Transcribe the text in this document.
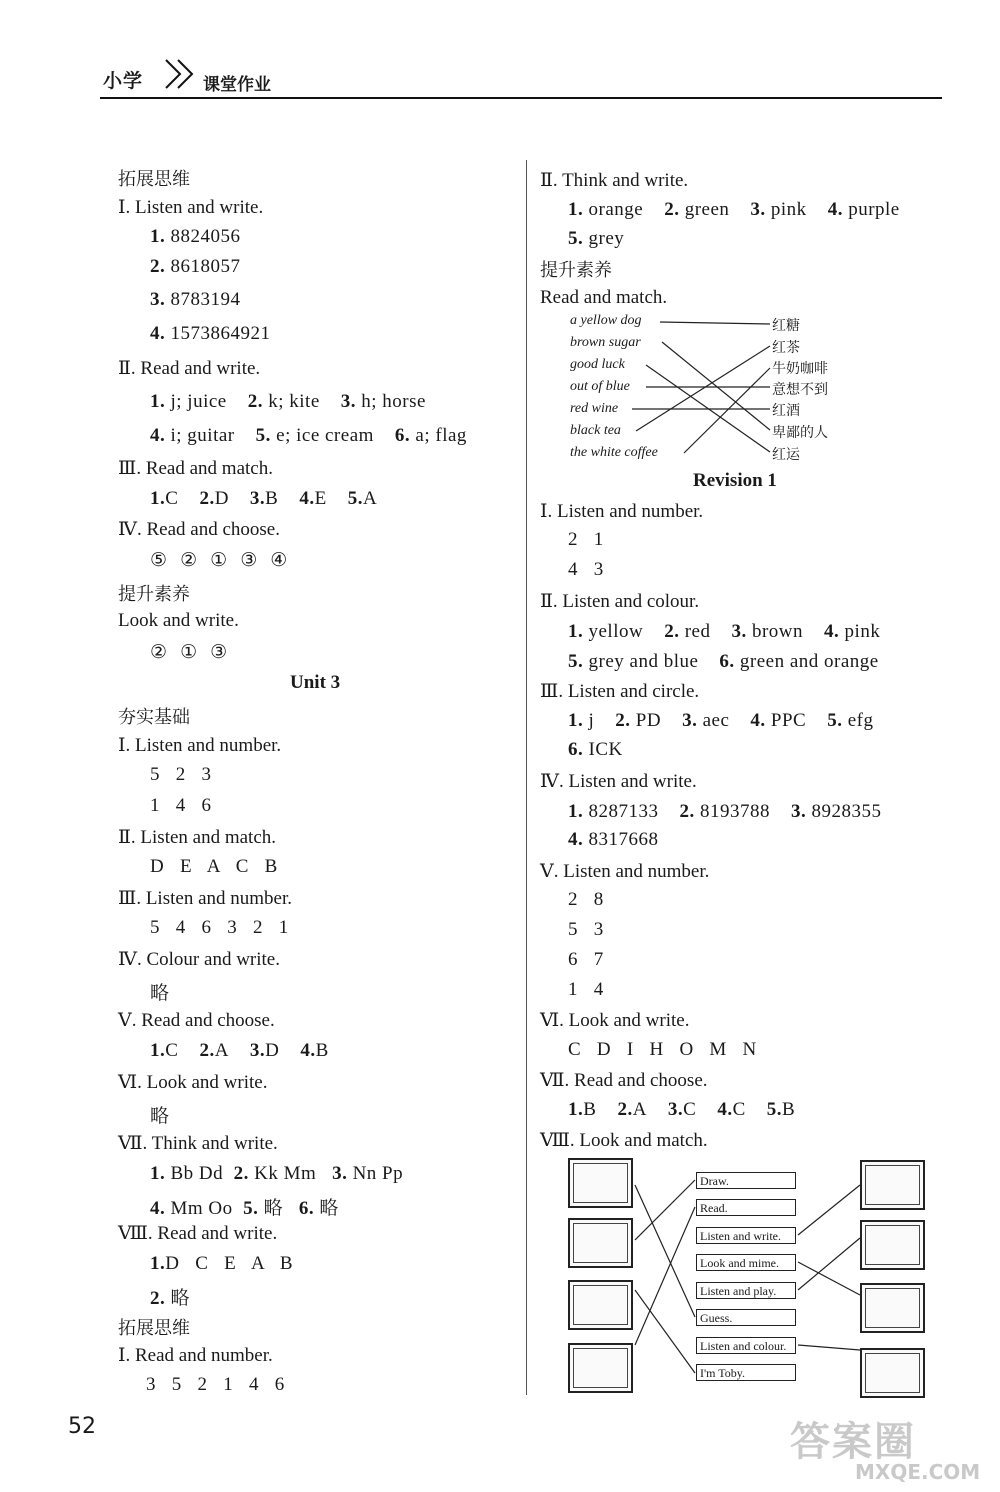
小学	课堂作业
拓展思维
Ⅰ. Listen and write.
1. 8824056
2. 8618057
3. 8783194
4. 1573864921
Ⅱ. Read and write.
1. j; juice 2. k; kite 3. h; horse
4. i; guitar 5. e; ice cream 6. a; flag
Ⅲ. Read and match.
1.C 2.D 3.B 4.E 5.A
Ⅳ. Read and choose.
⑤ ② ① ③ ④
提升素养
Look and write.
② ① ③
Unit 3
夯实基础
Ⅰ. Listen and number.
5   2   3
1   4   6
Ⅱ. Listen and match.
D   E   A   C   B
Ⅲ. Listen and number.
5   4   6   3   2   1
Ⅳ. Colour and write.
略
Ⅴ. Read and choose.
1.C 2.A 3.D 4.B
Ⅵ. Look and write.
略
Ⅶ. Think and write.
1. Bb Dd 2. Kk Mm 3. Nn Pp
4. Mm Oo 5. 略 6. 略
Ⅷ. Read and write.
1.D   C   E   A   B
2. 略
拓展思维
Ⅰ. Read and number.
3   5   2   1   4   6
Ⅱ. Think and write.
1. orange 2. green 3. pink 4. purple
5. grey
提升素养
Read and match.
a yellow dog
brown sugar
good luck
out of blue
red wine
black tea
the white coffee
红糖
红茶
牛奶咖啡
意想不到
红酒
卑鄙的人
红运
Revision 1
Ⅰ. Listen and number.
2   1
4   3
Ⅱ. Listen and colour.
1. yellow 2. red 3. brown 4. pink
5. grey and blue 6. green and orange
Ⅲ. Listen and circle.
1. j 2. PD 3. aec 4. PPC 5. efg
6. ICK
Ⅳ. Listen and write.
1. 8287133 2. 8193788 3. 8928355
4. 8317668
Ⅴ. Listen and number.
2   8
5   3
6   7
1   4
Ⅵ. Look and write.
C   D   I   H   O   M   N
Ⅶ. Read and choose.
1.B 2.A 3.C 4.C 5.B
Ⅷ. Look and match.
Draw.
Read.
Listen and write.
Look and mime.
Listen and play.
Guess.
Listen and colour.
I'm Toby.
52	答案圈
MXQE.COM
